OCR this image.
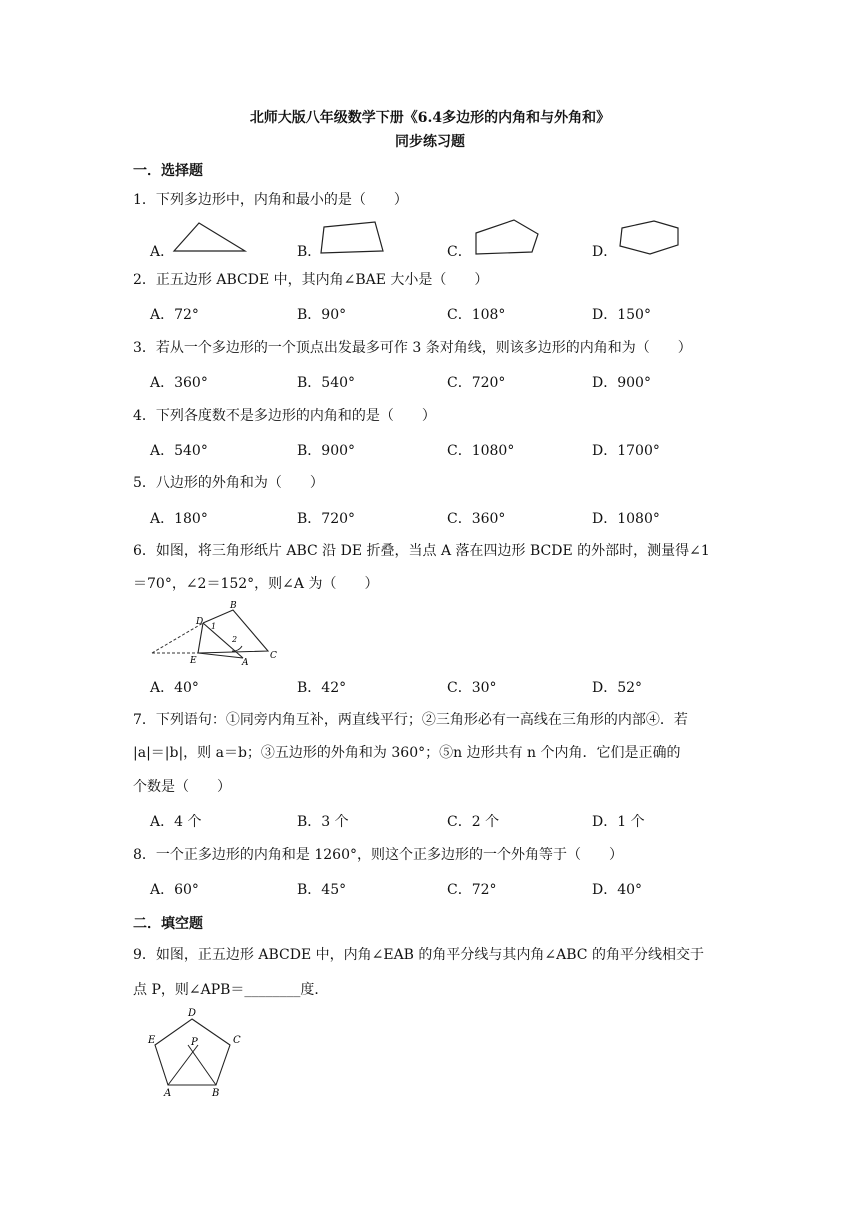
北师大版八年级数学下册《6.4多边形的内角和与外角和》
同步练习题
一．选择题
1．下列多边形中，内角和最小的是（　　）
A．	B．	C．	D．
2．正五边形 ABCDE 中，其内角∠BAE 大小是（　　）
A．72°	B．90°	C．108°	D．150°
3．若从一个多边形的一个顶点出发最多可作 3 条对角线，则该多边形的内角和为（　　）
A．360°	B．540°	C．720°	D．900°
4．下列各度数不是多边形的内角和的是（　　）
A．540°	B．900°	C．1080°	D．1700°
5．八边形的外角和为（　　）
A．180°	B．720°	C．360°	D．1080°
6．如图，将三角形纸片 ABC 沿 DE 折叠，当点 A 落在四边形 BCDE 的外部时，测量得∠1
＝70°，∠2＝152°，则∠A 为（　　）
B
D
E	A
C
1
2
A．40°	B．42°	C．30°	D．52°
7．下列语句：①同旁内角互补，两直线平行；②三角形必有一高线在三角形的内部④．若
|a|＝|b|，则 a＝b；③五边形的外角和为 360°；⑤n 边形共有 n 个内角．它们是正确的
个数是（　　）
A．4 个	B．3 个	C．2 个	D．1 个
8．一个正多边形的内角和是 1260°，则这个正多边形的一个外角等于（　　）
A．60°	B．45°	C．72°	D．40°
二．填空题
9．如图，正五边形 ABCDE 中，内角∠EAB 的角平分线与其内角∠ABC 的角平分线相交于
点 P，则∠APB＝________度．
D
E	C
P
A	B
